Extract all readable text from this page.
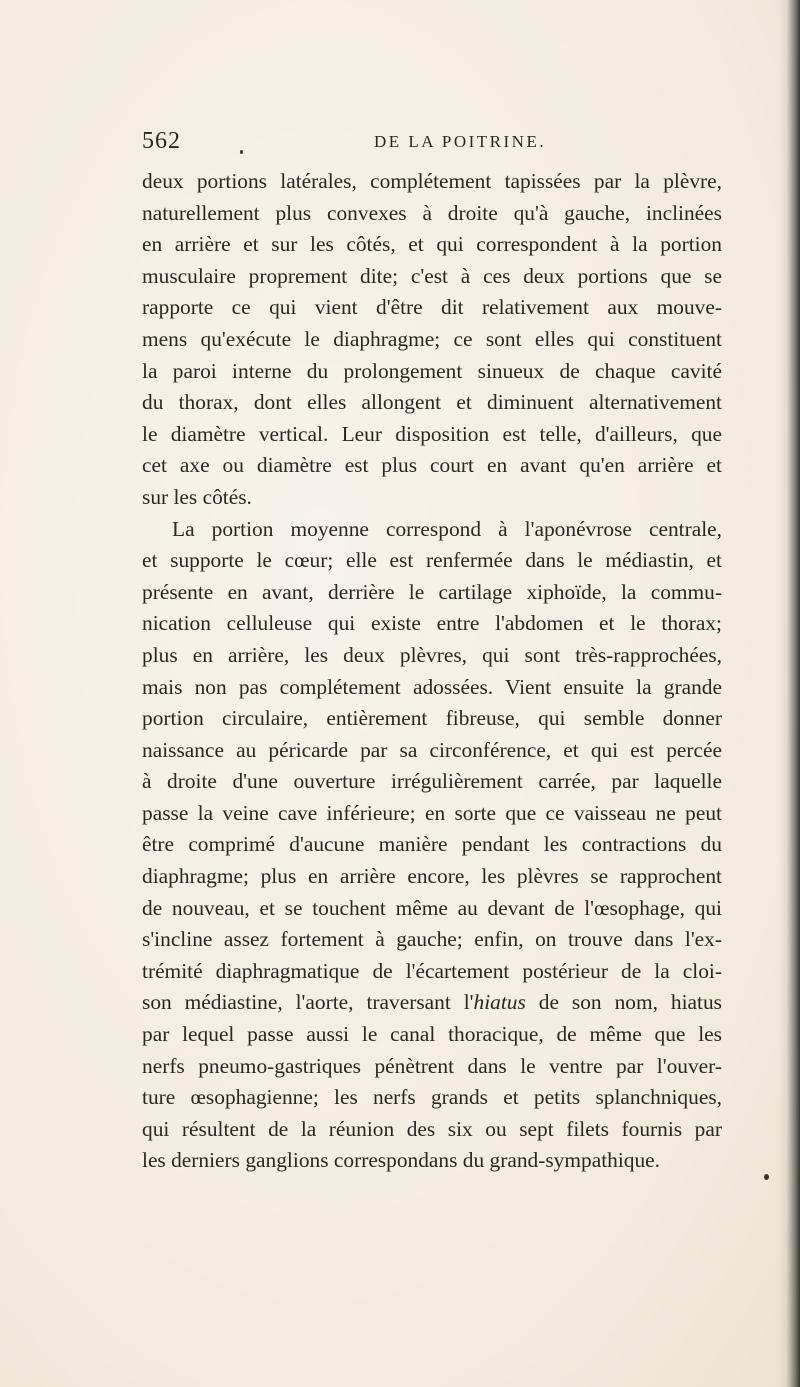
562	DE LA POITRINE.
deux portions latérales, complétement tapissées par la plèvre,
naturellement plus convexes à droite qu'à gauche, inclinées
en arrière et sur les côtés, et qui correspondent à la portion
musculaire proprement dite; c'est à ces deux portions que se
rapporte ce qui vient d'être dit relativement aux mouve-
mens qu'exécute le diaphragme; ce sont elles qui constituent
la paroi interne du prolongement sinueux de chaque cavité
du thorax, dont elles allongent et diminuent alternativement
le diamètre vertical. Leur disposition est telle, d'ailleurs, que
cet axe ou diamètre est plus court en avant qu'en arrière et
sur les côtés.
La portion moyenne correspond à l'aponévrose centrale,
et supporte le cœur; elle est renfermée dans le médiastin, et
présente en avant, derrière le cartilage xiphoïde, la commu-
nication celluleuse qui existe entre l'abdomen et le thorax;
plus en arrière, les deux plèvres, qui sont très-rapprochées,
mais non pas complétement adossées. Vient ensuite la grande
portion circulaire, entièrement fibreuse, qui semble donner
naissance au péricarde par sa circonférence, et qui est percée
à droite d'une ouverture irrégulièrement carrée, par laquelle
passe la veine cave inférieure; en sorte que ce vaisseau ne peut
être comprimé d'aucune manière pendant les contractions du
diaphragme; plus en arrière encore, les plèvres se rapprochent
de nouveau, et se touchent même au devant de l'œsophage, qui
s'incline assez fortement à gauche; enfin, on trouve dans l'ex-
trémité diaphragmatique de l'écartement postérieur de la cloi-
son médiastine, l'aorte, traversant l'hiatus de son nom, hiatus
par lequel passe aussi le canal thoracique, de même que les
nerfs pneumo-gastriques pénètrent dans le ventre par l'ouver-
ture œsophagienne; les nerfs grands et petits splanchniques,
qui résultent de la réunion des six ou sept filets fournis par
les derniers ganglions correspondans du grand-sympathique.
